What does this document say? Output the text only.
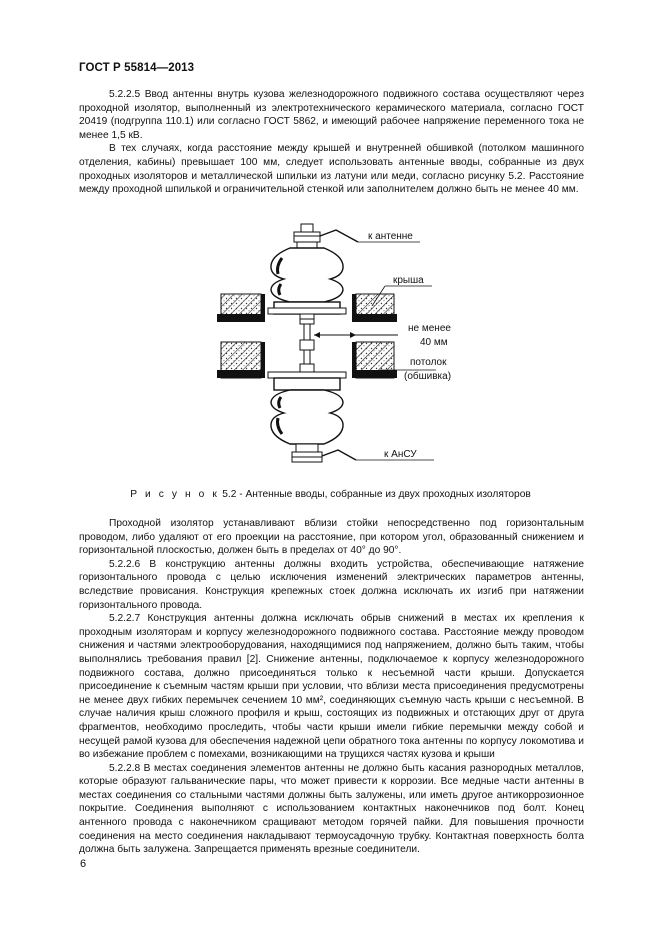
ГОСТ Р 55814—2013

5.2.2.5 Ввод антенны внутрь кузова железнодорожного подвижного состава осуществляют через проходной изолятор, выполненный из электротехнического керамического материала, согласно ГОСТ 20419 (подгруппа 110.1) или согласно ГОСТ 5862, и имеющий рабочее напряжение переменного тока не менее 1,5 кВ.

В тех случаях, когда расстояние между крышей и внутренней обшивкой (потолком машинного отделения, кабины) превышает 100 мм, следует использовать антенные вводы, собранные из двух проходных изоляторов и металлической шпильки из латуни или меди, согласно рисунку 5.2. Расстояние между проходной шпилькой и ограничительной стенкой или заполнителем должно быть не менее 40 мм.

к антенне
крыша
не менее
40 мм
потолок
(обшивка)
к АнСУ
Р и с у н о к 5.2 - Антенные вводы, собранные из двух проходных изоляторов

Проходной изолятор устанавливают вблизи стойки непосредственно под горизонтальным проводом, либо удаляют от его проекции на расстояние, при котором угол, образованный снижением и горизонтальной плоскостью, должен быть в пределах от 40° до 90°.

5.2.2.6 В конструкцию антенны должны входить устройства, обеспечивающие натяжение горизонтального провода с целью исключения изменений электрических параметров антенны, вследствие провисания. Конструкция крепежных стоек должна исключать их изгиб при натяжении горизонтального провода.

5.2.2.7 Конструкция антенны должна исключать обрыв снижений в местах их крепления к проходным изоляторам и корпусу железнодорожного подвижного состава. Расстояние между проводом снижения и частями электрооборудования, находящимися под напряжением, должно быть таким, чтобы выполнялись требования правил [2]. Снижение антенны, подключаемое к корпусу железнодорожного подвижного состава, должно присоединяться только к несъемной части крыши. Допускается присоединение к съемным частям крыши при условии, что вблизи места присоединения предусмотрены не менее двух гибких перемычек сечением 10 мм², соединяющих съемную часть крыши с несъемной. В случае наличия крыш сложного профиля и крыш, состоящих из подвижных и отстающих друг от друга фрагментов, необходимо проследить, чтобы части крыши имели гибкие перемычки между собой и несущей рамой кузова для обеспечения надежной цепи обратного тока антенны по корпусу локомотива и во избежание проблем с помехами, возникающими на трущихся частях кузова и крыши

5.2.2.8 В местах соединения элементов антенны не должно быть касания разнородных металлов, которые образуют гальванические пары, что может привести к коррозии. Все медные части антенны в местах соединения со стальными частями должны быть залужены, или иметь другое антикоррозионное покрытие. Соединения выполняют с использованием контактных наконечников под болт. Конец антенного провода с наконечником сращивают методом горячей пайки. Для повышения прочности соединения на место соединения накладывают термоусадочную трубку. Контактная поверхность болта должна быть залужена. Запрещается применять врезные соединители.

6
